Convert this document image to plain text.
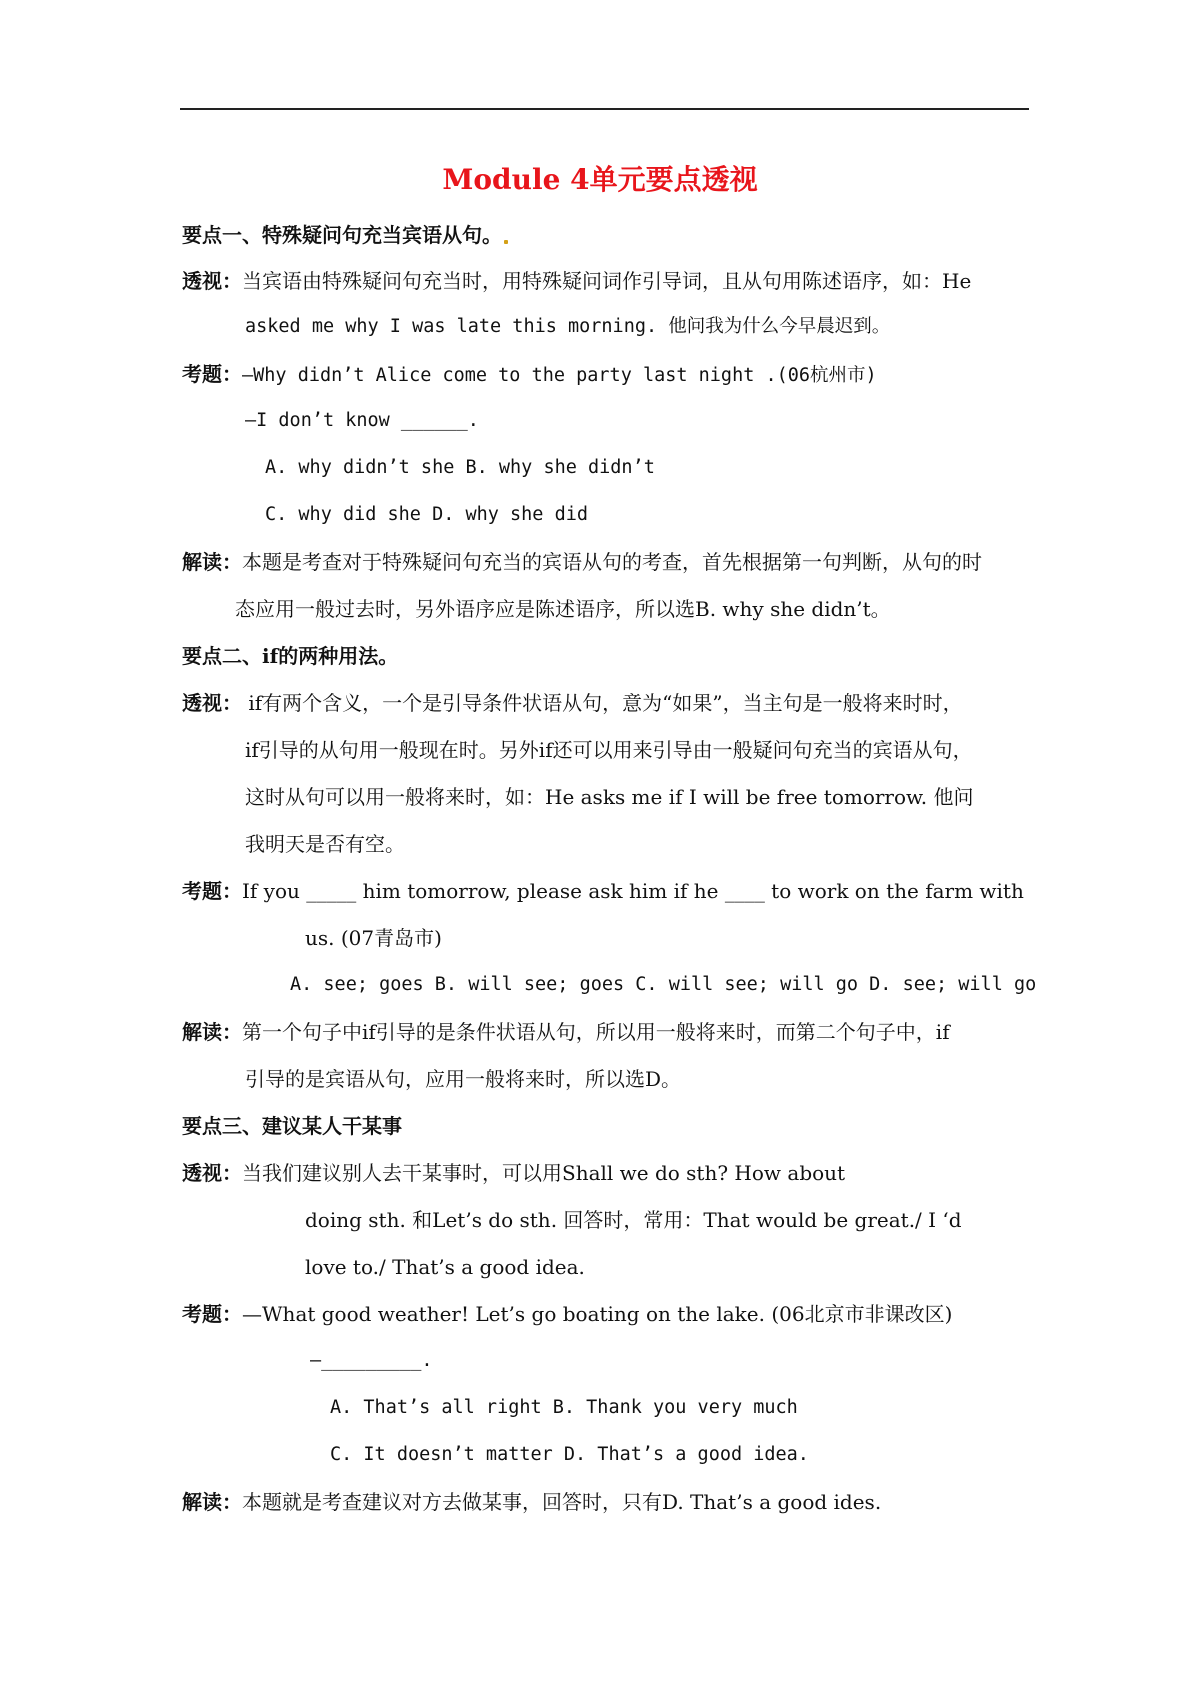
Module 4单元要点透视
要点一、特殊疑问句充当宾语从句。
透视：当宾语由特殊疑问句充当时，用特殊疑问词作引导词，且从句用陈述语序，如：He
asked me why I was late this morning. 他问我为什么今早晨迟到。
考题：—Why didn’t Alice come to the party last night .(06杭州市)
—I don’t know ______.
A. why didn’t she B. why she didn’t
C. why did she D. why she did
解读：本题是考查对于特殊疑问句充当的宾语从句的考查，首先根据第一句判断，从句的时
态应用一般过去时，另外语序应是陈述语序，所以选B. why she didn’t。
要点二、if的两种用法。
透视： if有两个含义，一个是引导条件状语从句，意为“如果”，当主句是一般将来时时，
if引导的从句用一般现在时。另外if还可以用来引导由一般疑问句充当的宾语从句，
这时从句可以用一般将来时，如：He asks me if I will be free tomorrow. 他问
我明天是否有空。
考题：If you _____ him tomorrow, please ask him if he ____ to work on the farm with
us. (07青岛市)
A. see; goes B. will see; goes C. will see; will go D. see; will go
解读：第一个句子中if引导的是条件状语从句，所以用一般将来时，而第二个句子中，if
引导的是宾语从句，应用一般将来时，所以选D。
要点三、建议某人干某事
透视：当我们建议别人去干某事时，可以用Shall we do sth? How about
doing sth. 和Let’s do sth. 回答时，常用：That would be great./ I ‘d
love to./ That’s a good idea.
考题：—What good weather! Let’s go boating on the lake. (06北京市非课改区)
—_________.
A. That’s all right B. Thank you very much
C. It doesn’t matter D. That’s a good idea.
解读：本题就是考查建议对方去做某事，回答时，只有D. That’s a good ides.
